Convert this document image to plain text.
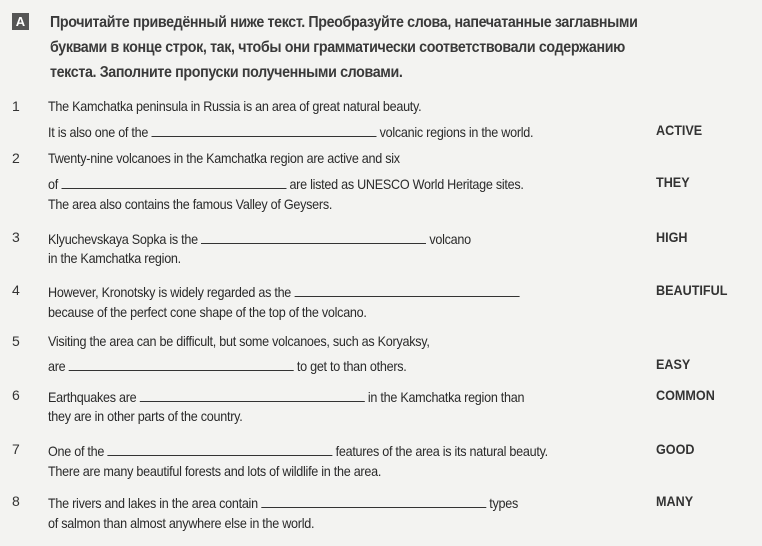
A Прочитайте приведённый ниже текст. Преобразуйте слова, напечатанные заглавными
буквами в конце строк, так, чтобы они грамматически соответствовали содержанию
текста. Заполните пропуски полученными словами.
1 The Kamchatka peninsula in Russia is an area of great natural beauty.
It is also one of the	volcanic regions in the world.	ACTIVE
2 Twenty-nine volcanoes in the Kamchatka region are active and six
of	are listed as UNESCO World Heritage sites.
The area also contains the famous Valley of Geysers.
THEY
3 Klyuchevskaya Sopka is the	volcano
in the Kamchatka region.
HIGH
4 However, Kronotsky is widely regarded as the
because of the perfect cone shape of the top of the volcano.
BEAUTIFUL
5 Visiting the area can be difficult, but some volcanoes, such as Koryaksy,
are	to get to than others.	EASY
6 Earthquakes are	in the Kamchatka region than
they are in other parts of the country.
COMMON
7 One of the	features of the area is its natural beauty.
There are many beautiful forests and lots of wildlife in the area.
GOOD
8 The rivers and lakes in the area contain	types
of salmon than almost anywhere else in the world.
MANY
